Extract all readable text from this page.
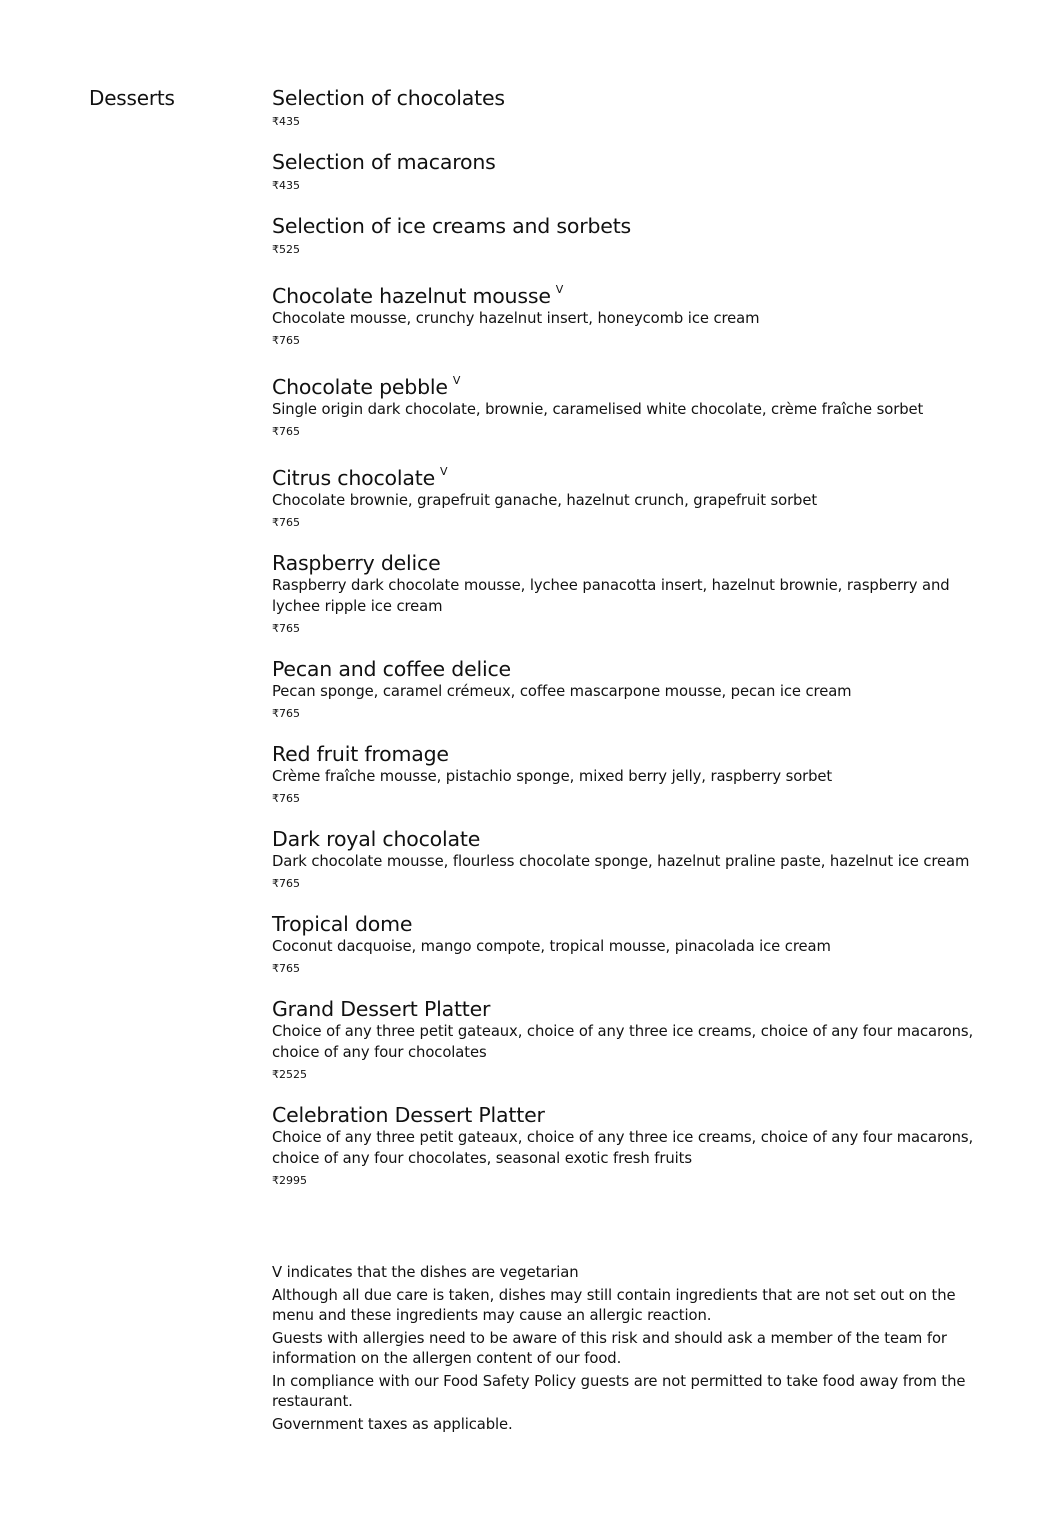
Desserts	Selection of chocolates
₹435
Selection of macarons
₹435
Selection of ice creams and sorbets
₹525
Chocolate hazelnut mousse $^V$
Chocolate mousse, crunchy hazelnut insert, honeycomb ice cream
₹765
Chocolate pebble $^V$
Single origin dark chocolate, brownie, caramelised white chocolate, crème fraîche sorbet
₹765
Citrus chocolate $^V$
Chocolate brownie, grapefruit ganache, hazelnut crunch, grapefruit sorbet
₹765
Raspberry delice
Raspberry dark chocolate mousse, lychee panacotta insert, hazelnut brownie, raspberry and lychee ripple ice cream
₹765
Pecan and coffee delice
Pecan sponge, caramel crémeux, coffee mascarpone mousse, pecan ice cream
₹765
Red fruit fromage
Crème fraîche mousse, pistachio sponge, mixed berry jelly, raspberry sorbet
₹765
Dark royal chocolate
Dark chocolate mousse, flourless chocolate sponge, hazelnut praline paste, hazelnut ice cream
₹765
Tropical dome
Coconut dacquoise, mango compote, tropical mousse, pinacolada ice cream
₹765
Grand Dessert Platter
Choice of any three petit gateaux, choice of any three ice creams, choice of any four macarons, choice of any four chocolates
₹2525
Celebration Dessert Platter
Choice of any three petit gateaux, choice of any three ice creams, choice of any four macarons, choice of any four chocolates, seasonal exotic fresh fruits
₹2995
V indicates that the dishes are vegetarian
Although all due care is taken, dishes may still contain ingredients that are not set out on the menu and these ingredients may cause an allergic reaction.
Guests with allergies need to be aware of this risk and should ask a member of the team for information on the allergen content of our food.
In compliance with our Food Safety Policy guests are not permitted to take food away from the restaurant.
Government taxes as applicable.
